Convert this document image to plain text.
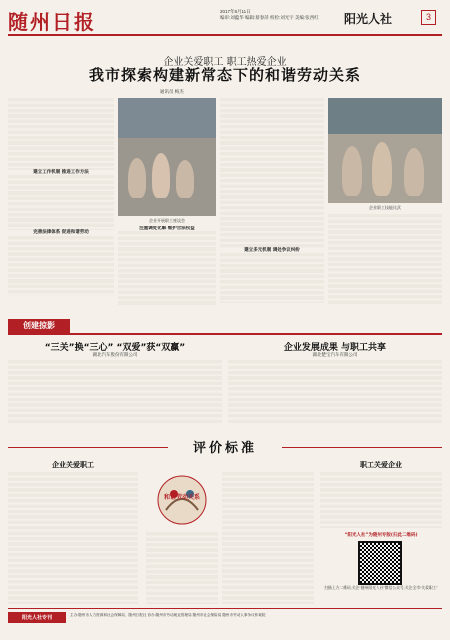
随州日报	2017年8月11日
编审:刘蕴华 编辑:蔡春萍 校检:刘光宇 美编:张西红	阳光人社	3
企业关爱职工 职工热爱企业
我市探索构建新常态下的和谐劳动关系
通讯员 梅杰
建立工作机制 推进工作方法
完善法律体系 促进和谐劳动
企业开展职工座谈会
注重调处化解 维护合法权益
建立多元机制 调处争议纠纷
企业职工技能比武
创建掠影
“三关”换“三心” “双爱”获“双赢”
湖北汽车股份有限公司
企业发展成果 与职工共享
湖北楚宝汽车有限公司
评价标准
企业关爱职工
和谐劳动关系
职工关爱企业
“阳光人社”为随州专版(扫此二维码)
扫描上方二维码,关注“随州阳光人社”微信公众号,关注全市“关爱职工”
阳光人社专刊	主办:随州市人力资源和社会保障局、随州日报社 协办:随州市劳动就业管理局 随州市社会保险局 随州市劳动人事争议仲裁院
